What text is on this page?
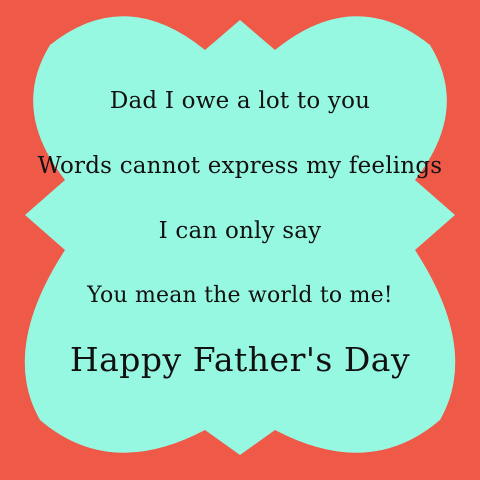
Dad I owe a lot to you

Words cannot express my feelings

I can only say

You mean the world to me!

Happy Father's Day
